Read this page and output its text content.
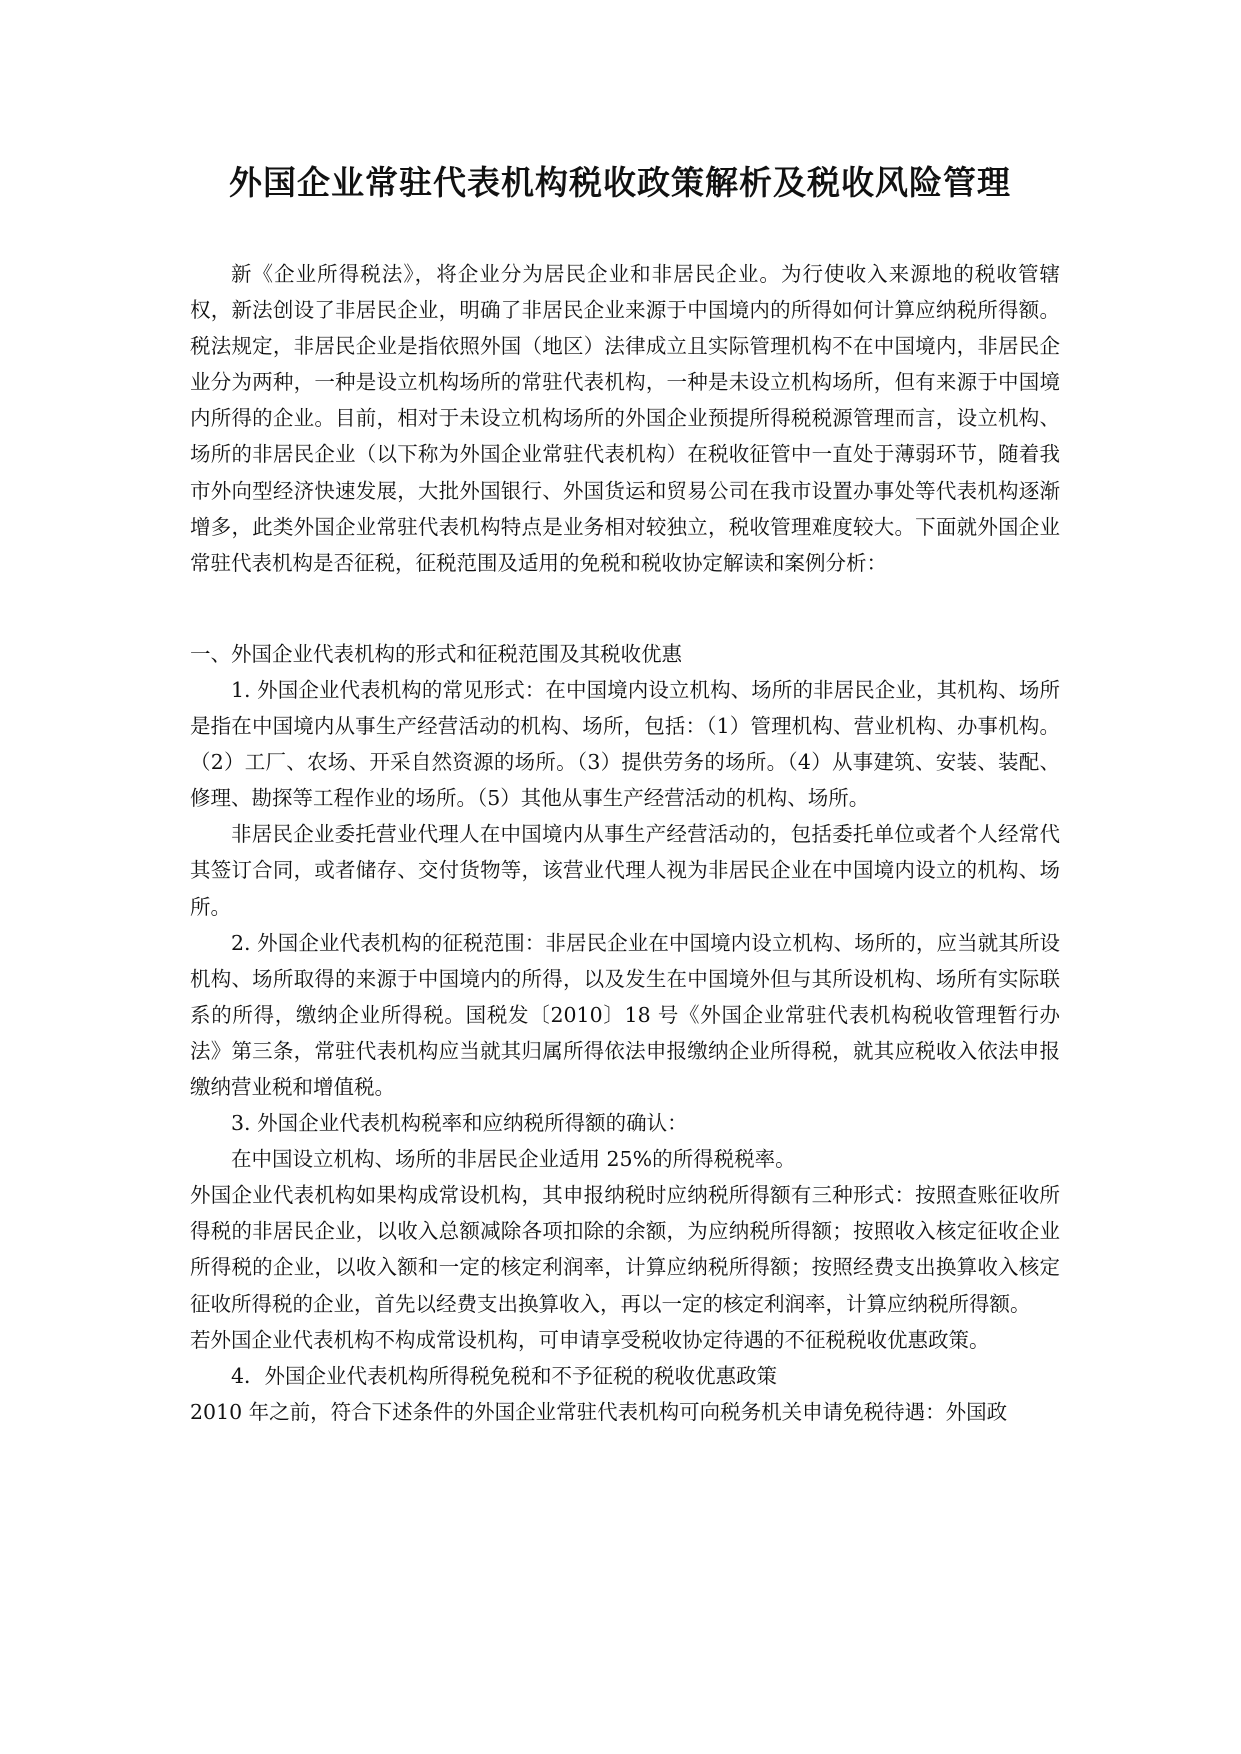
外国企业常驻代表机构税收政策解析及税收风险管理

新《企业所得税法》，将企业分为居民企业和非居民企业。为行使收入来源地的税收管辖权，新法创设了非居民企业，明确了非居民企业来源于中国境内的所得如何计算应纳税所得额。税法规定，非居民企业是指依照外国（地区）法律成立且实际管理机构不在中国境内，非居民企业分为两种，一种是设立机构场所的常驻代表机构，一种是未设立机构场所，但有来源于中国境内所得的企业。目前，相对于未设立机构场所的外国企业预提所得税税源管理而言，设立机构、场所的非居民企业（以下称为外国企业常驻代表机构）在税收征管中一直处于薄弱环节，随着我市外向型经济快速发展，大批外国银行、外国货运和贸易公司在我市设置办事处等代表机构逐渐增多，此类外国企业常驻代表机构特点是业务相对较独立，税收管理难度较大。下面就外国企业常驻代表机构是否征税，征税范围及适用的免税和税收协定解读和案例分析：

一、外国企业代表机构的形式和征税范围及其税收优惠

1. 外国企业代表机构的常见形式：在中国境内设立机构、场所的非居民企业，其机构、场所是指在中国境内从事生产经营活动的机构、场所，包括：（1）管理机构、营业机构、办事机构。（2）工厂、农场、开采自然资源的场所。（3）提供劳务的场所。（4）从事建筑、安装、装配、修理、勘探等工程作业的场所。（5）其他从事生产经营活动的机构、场所。

非居民企业委托营业代理人在中国境内从事生产经营活动的，包括委托单位或者个人经常代其签订合同，或者储存、交付货物等，该营业代理人视为非居民企业在中国境内设立的机构、场所。

2. 外国企业代表机构的征税范围：非居民企业在中国境内设立机构、场所的，应当就其所设机构、场所取得的来源于中国境内的所得，以及发生在中国境外但与其所设机构、场所有实际联系的所得，缴纳企业所得税。国税发〔2010〕18 号《外国企业常驻代表机构税收管理暂行办法》第三条，常驻代表机构应当就其归属所得依法申报缴纳企业所得税，就其应税收入依法申报缴纳营业税和增值税。

3. 外国企业代表机构税率和应纳税所得额的确认：

在中国设立机构、场所的非居民企业适用 25%的所得税税率。

外国企业代表机构如果构成常设机构，其申报纳税时应纳税所得额有三种形式：按照查账征收所得税的非居民企业，以收入总额减除各项扣除的余额，为应纳税所得额；按照收入核定征收企业所得税的企业，以收入额和一定的核定利润率，计算应纳税所得额；按照经费支出换算收入核定征收所得税的企业，首先以经费支出换算收入，再以一定的核定利润率，计算应纳税所得额。

若外国企业代表机构不构成常设机构，可申请享受税收协定待遇的不征税税收优惠政策。

4．外国企业代表机构所得税免税和不予征税的税收优惠政策

2010 年之前，符合下述条件的外国企业常驻代表机构可向税务机关申请免税待遇：外国政
